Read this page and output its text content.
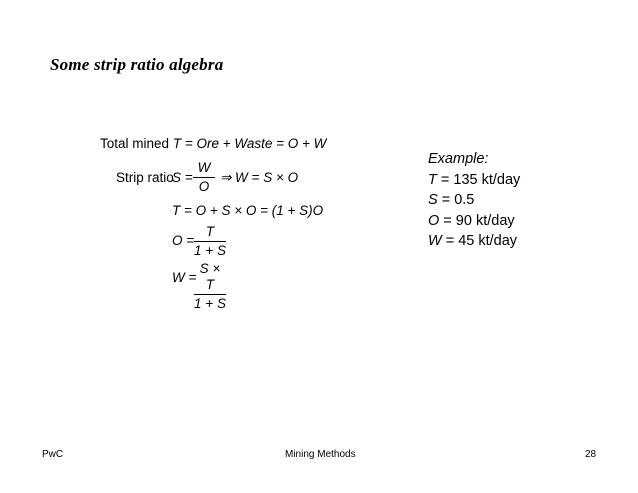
Some strip ratio algebra
Total mined T = Ore + Waste = O + W
Strip ratio
S =
W
O
⇒ W = S × O
T = O + S × O = (1 + S)O
O =
T
1 + S
W =
S × T
1 + S
Example:
T = 135 kt/day
S = 0.5
O = 90 kt/day
W = 45 kt/day
PwC	Mining Methods	28
